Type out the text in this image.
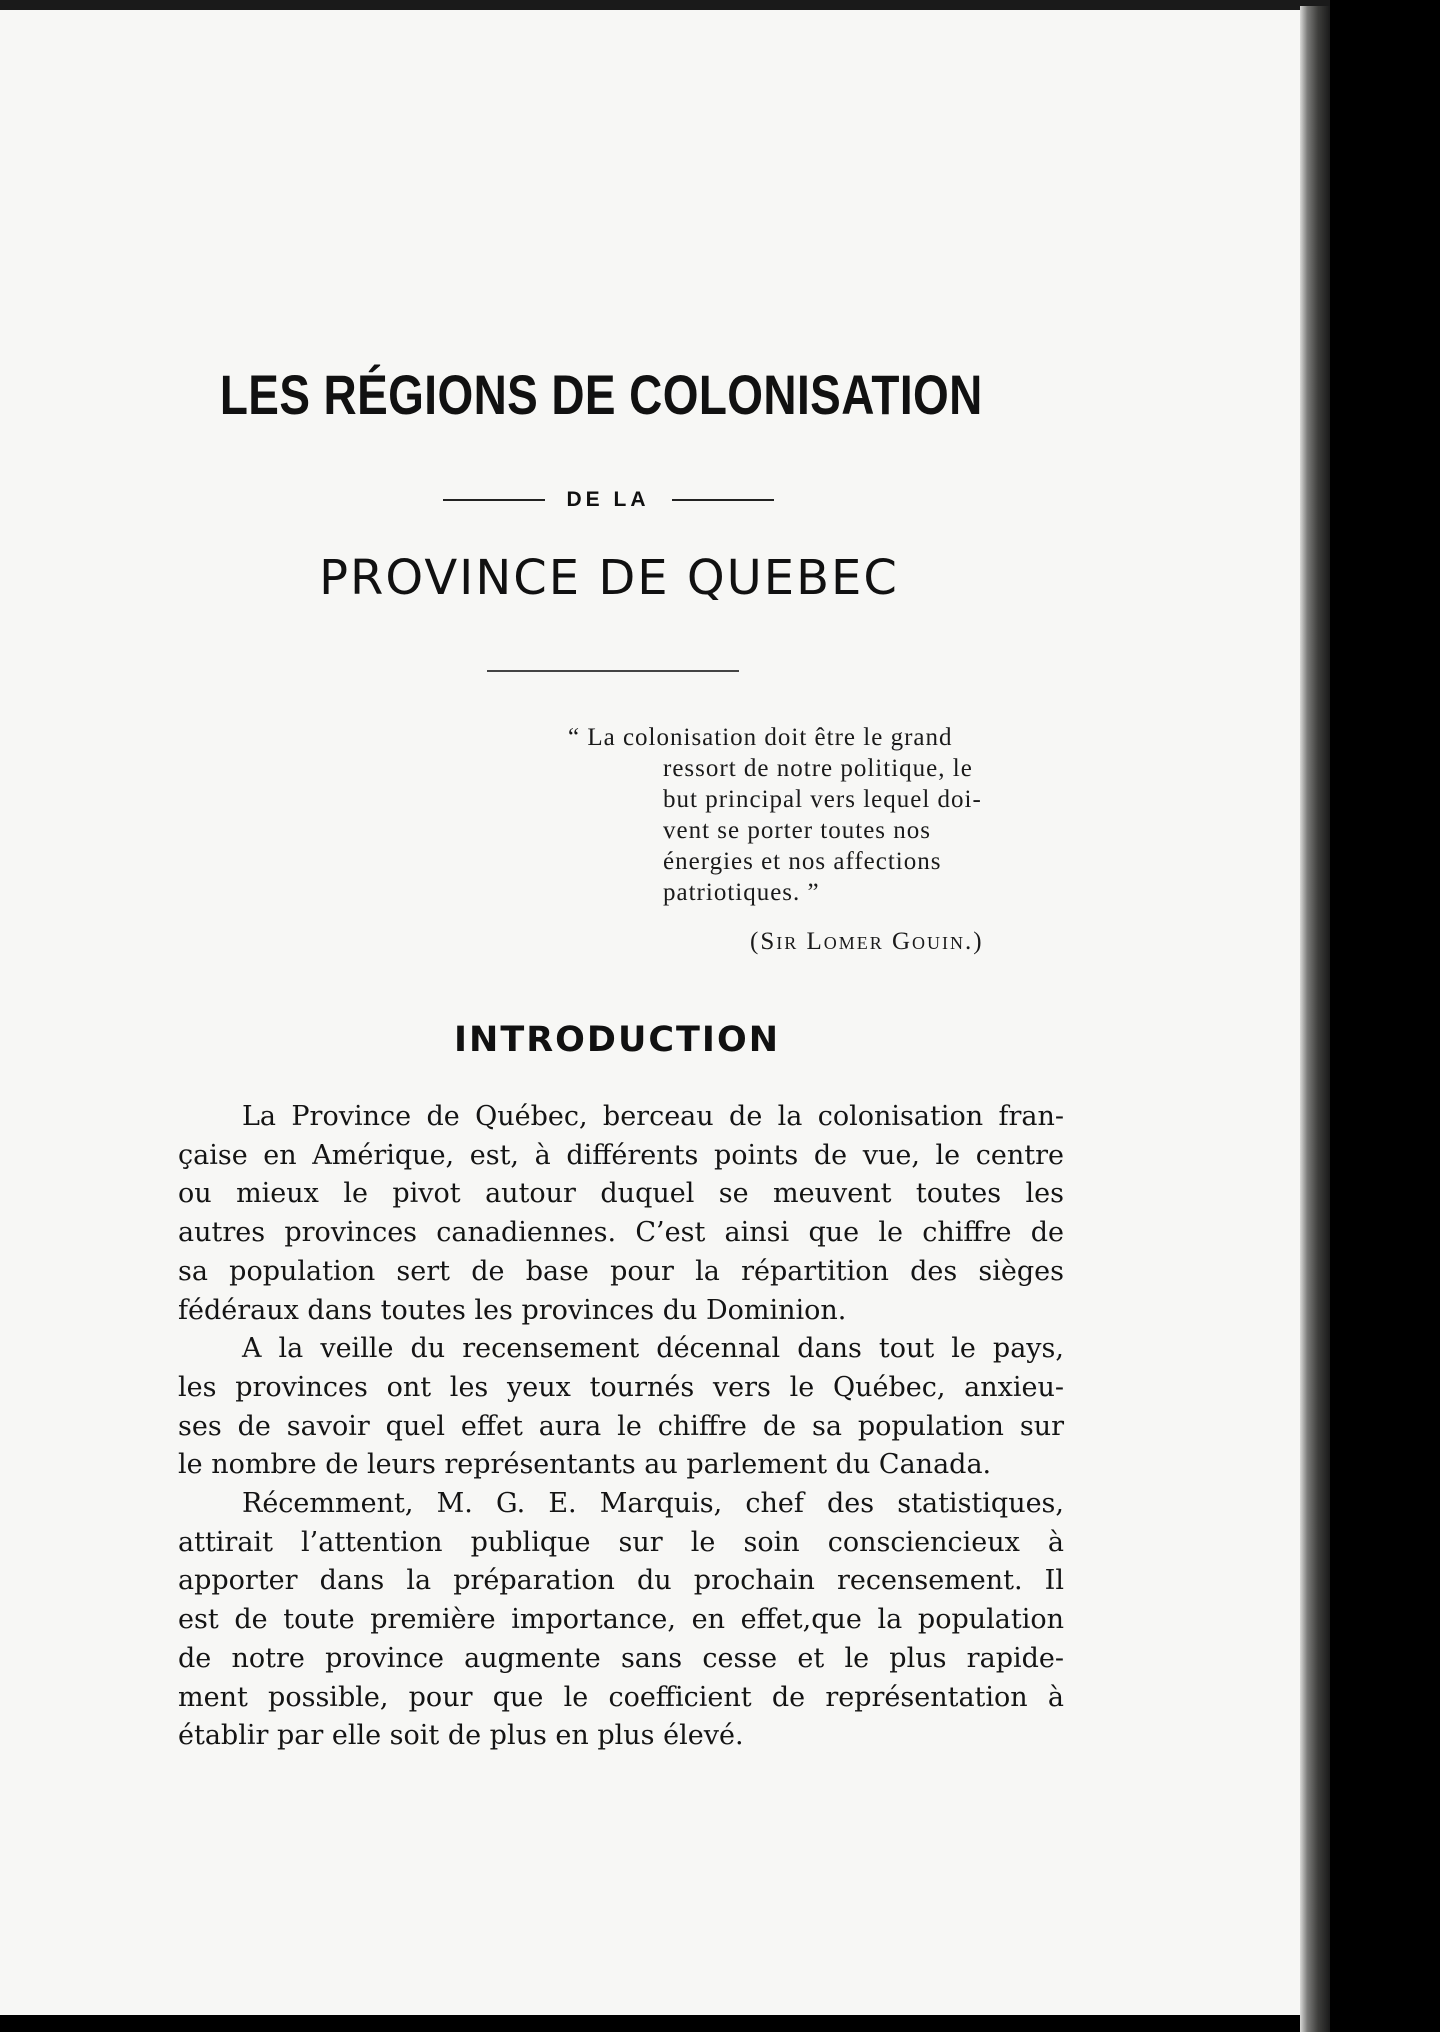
LES RÉGIONS DE COLONISATION
DE LA
PROVINCE DE QUEBEC
“ La colonisation doit être le grand
ressort de notre politique, le
but principal vers lequel doi-
vent se porter toutes nos
énergies et nos affections
patriotiques. ”
(Sir Lomer Gouin.)
INTRODUCTION
La Province de Québec, berceau de la colonisation fran-
çaise en Amérique, est, à différents points de vue, le centre
ou mieux le pivot autour duquel se meuvent toutes les
autres provinces canadiennes. C’est ainsi que le chiffre de
sa population sert de base pour la répartition des sièges
fédéraux dans toutes les provinces du Dominion.
A la veille du recensement décennal dans tout le pays,
les provinces ont les yeux tournés vers le Québec, anxieu-
ses de savoir quel effet aura le chiffre de sa population sur
le nombre de leurs représentants au parlement du Canada.
Récemment, M. G. E. Marquis, chef des statistiques,
attirait l’attention publique sur le soin consciencieux à
apporter dans la préparation du prochain recensement. Il
est de toute première importance, en effet,que la population
de notre province augmente sans cesse et le plus rapide-
ment possible, pour que le coefficient de représentation à
établir par elle soit de plus en plus élevé.
